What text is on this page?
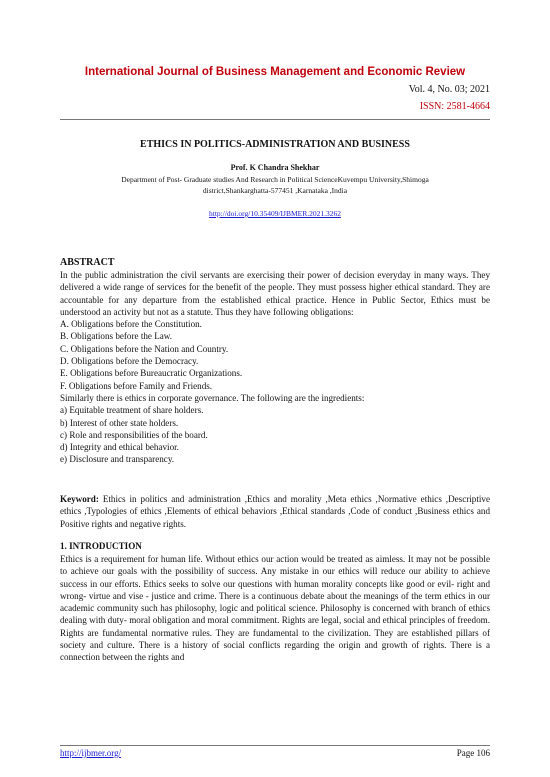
International Journal of Business Management and Economic Review
Vol. 4, No. 03; 2021
ISSN: 2581-4664
ETHICS IN POLITICS-ADMINISTRATION AND BUSINESS
Prof. K Chandra Shekhar
Department of Post- Graduate studies And Research in Political ScienceKuvempu University,Shimoga district,Shankarghatta-577451 ,Karnataka ,India
http://doi.org/10.35409/IJBMER.2021.3262
ABSTRACT

In the public administration the civil servants are exercising their power of decision everyday in many ways. They delivered a wide range of services for the benefit of the people. They must possess higher ethical standard. They are accountable for any departure from the established ethical practice. Hence in Public Sector, Ethics must be understood an activity but not as a statute. Thus they have following obligations:

A. Obligations before the Constitution.
B. Obligations before the Law.
C. Obligations before the Nation and Country.
D. Obligations before the Democracy.
E. Obligations before Bureaucratic Organizations.
F. Obligations before Family and Friends.
Similarly there is ethics in corporate governance. The following are the ingredients:
a) Equitable treatment of share holders.
b) Interest of other state holders.
c) Role and responsibilities of the board.
d) Integrity and ethical behavior.
e) Disclosure and transparency.

Keyword: Ethics in politics and administration ,Ethics and morality ,Meta ethics ,Normative ethics ,Descriptive ethics ,Typologies of ethics ,Elements of ethical behaviors ,Ethical standards ,Code of conduct ,Business ethics and Positive rights and negative rights.

1. INTRODUCTION

Ethics is a requirement for human life. Without ethics our action would be treated as aimless. It may not be possible to achieve our goals with the possibility of success. Any mistake in our ethics will reduce our ability to achieve success in our efforts. Ethics seeks to solve our questions with human morality concepts like good or evil- right and wrong- virtue and vise - justice and crime. There is a continuous debate about the meanings of the term ethics in our academic community such has philosophy, logic and political science. Philosophy is concerned with branch of ethics dealing with duty- moral obligation and moral commitment. Rights are legal, social and ethical principles of freedom. Rights are fundamental normative rules. They are fundamental to the civilization. They are established pillars of society and culture. There is a history of social conflicts regarding the origin and growth of rights. There is a connection between the rights and

http://ijbmer.org/	Page 106
